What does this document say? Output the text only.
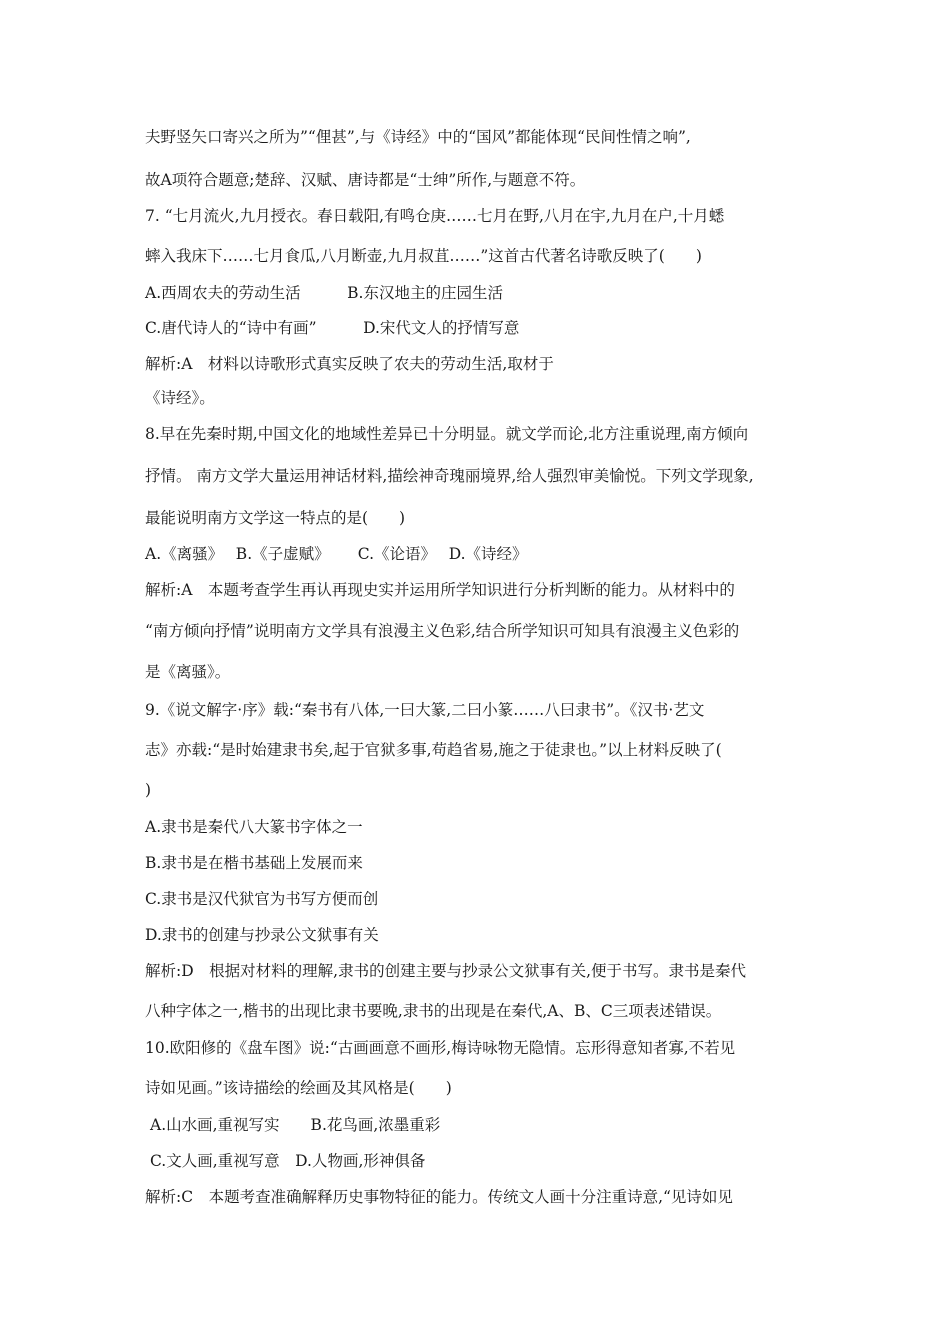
夫野竖矢口寄兴之所为”“俚甚”,与《诗经》中的“国风”都能体现“民间性情之响”,
故A项符合题意;楚辞、汉赋、唐诗都是“士绅”所作,与题意不符。
7. “七月流火,九月授衣。春日载阳,有鸣仓庚……七月在野,八月在宇,九月在户,十月蟋
蟀入我床下……七月食瓜,八月断壶,九月叔苴……”这首古代著名诗歌反映了(　　)
A.西周农夫的劳动生活　　　B.东汉地主的庄园生活
C.唐代诗人的“诗中有画”　　　D.宋代文人的抒情写意
解析:A　材料以诗歌形式真实反映了农夫的劳动生活,取材于
《诗经》。
8.早在先秦时期,中国文化的地域性差异已十分明显。就文学而论,北方注重说理,南方倾向
抒情。 南方文学大量运用神话材料,描绘神奇瑰丽境界,给人强烈审美愉悦。下列文学现象,
最能说明南方文学这一特点的是(　　)
A.《离骚》　 B.《子虚赋》　　 C.《论语》　 D.《诗经》
解析:A　本题考查学生再认再现史实并运用所学知识进行分析判断的能力。从材料中的
“南方倾向抒情”说明南方文学具有浪漫主义色彩,结合所学知识可知具有浪漫主义色彩的
是《离骚》。
9.《说文解字·序》载:“秦书有八体,一曰大篆,二曰小篆……八曰隶书”。《汉书·艺文
志》亦载:“是时始建隶书矣,起于官狱多事,苟趋省易,施之于徒隶也。”以上材料反映了(
)
A.隶书是秦代八大篆书字体之一
B.隶书是在楷书基础上发展而来
C.隶书是汉代狱官为书写方便而创
D.隶书的创建与抄录公文狱事有关
解析:D　根据对材料的理解,隶书的创建主要与抄录公文狱事有关,便于书写。隶书是秦代
八种字体之一,楷书的出现比隶书要晚,隶书的出现是在秦代,A、B、C三项表述错误。
10.欧阳修的《盘车图》说:“古画画意不画形,梅诗咏物无隐情。忘形得意知者寡,不若见
诗如见画。”该诗描绘的绘画及其风格是(　　)
A.山水画,重视写实　　B.花鸟画,浓墨重彩
C.文人画,重视写意　D.人物画,形神俱备
解析:C　本题考查准确解释历史事物特征的能力。传统文人画十分注重诗意,“见诗如见
